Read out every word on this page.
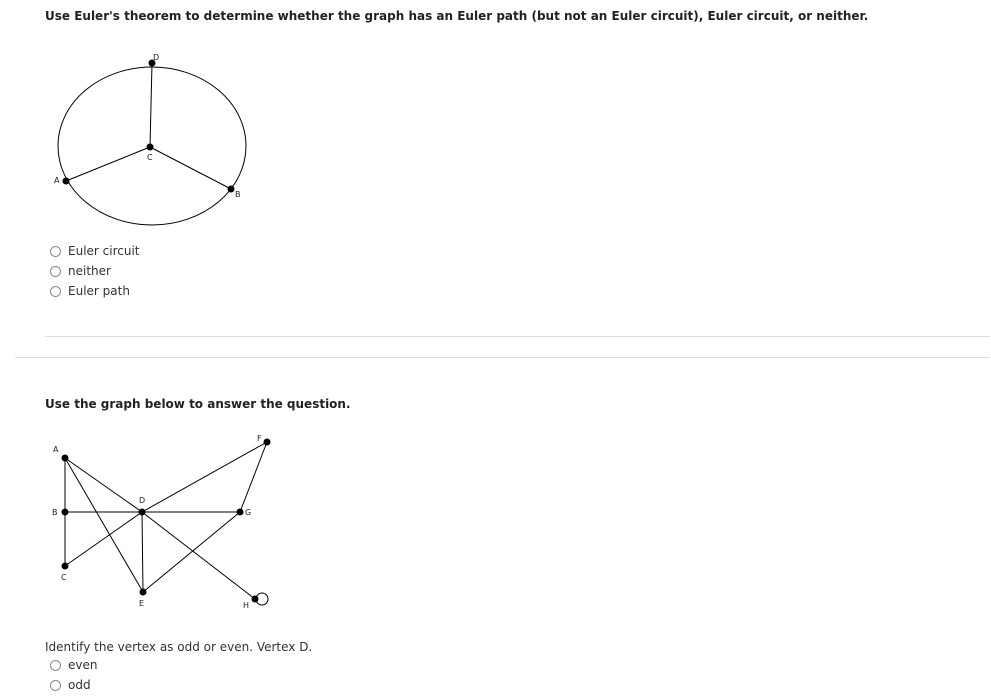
Use Euler's theorem to determine whether the graph has an Euler path (but not an Euler circuit), Euler circuit, or neither.
D
C
A
B
Euler circuit
neither
Euler path
Use the graph below to answer the question.
A
B
C
D
E
F
G
H
Identify the vertex as odd or even. Vertex D.
even
odd
